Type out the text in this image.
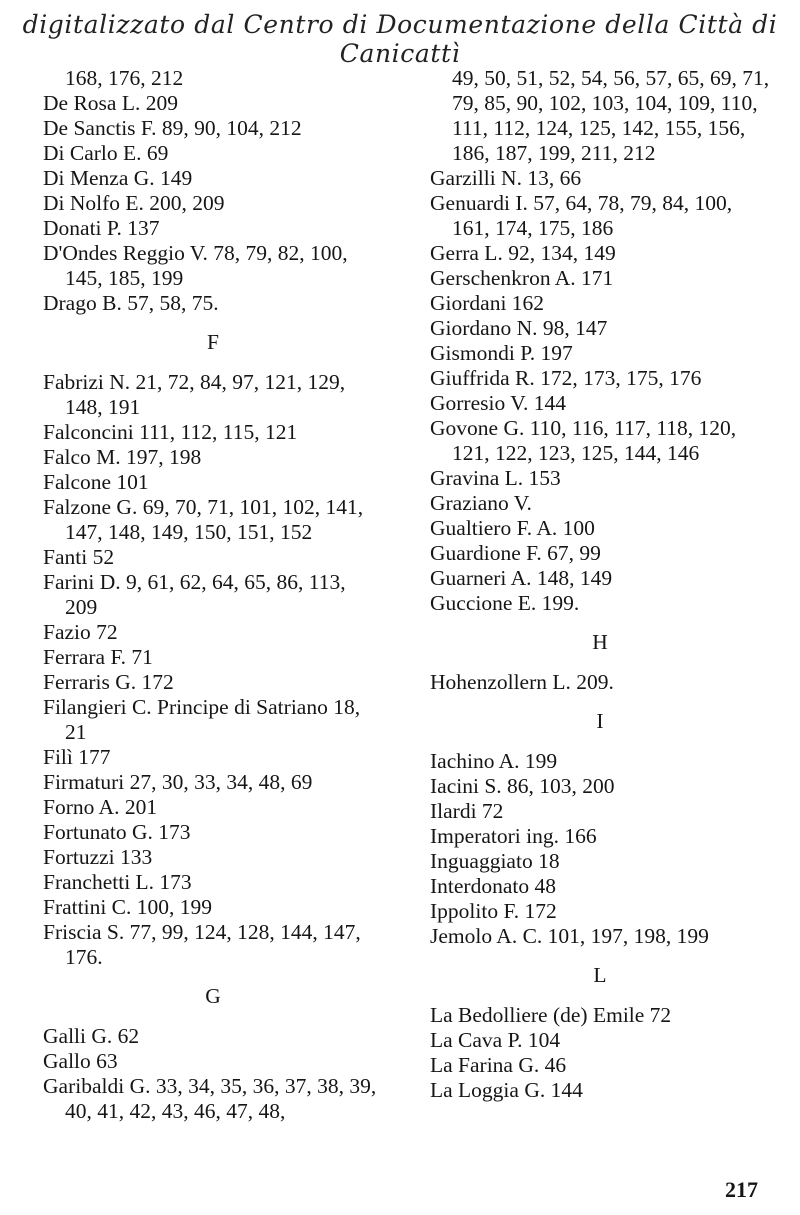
digitalizzato dal Centro di Documentazione della Città di Canicattì
168, 176, 212
De Rosa L. 209
De Sanctis F. 89, 90, 104, 212
Di Carlo E. 69
Di Menza G. 149
Di Nolfo E. 200, 209
Donati P. 137
D'Ondes Reggio V. 78, 79, 82, 100, 145, 185, 199
Drago B. 57, 58, 75.
F
Fabrizi N. 21, 72, 84, 97, 121, 129, 148, 191
Falconcini 111, 112, 115, 121
Falco M. 197, 198
Falcone 101
Falzone G. 69, 70, 71, 101, 102, 141, 147, 148, 149, 150, 151, 152
Fanti 52
Farini D. 9, 61, 62, 64, 65, 86, 113, 209
Fazio 72
Ferrara F. 71
Ferraris G. 172
Filangieri C. Principe di Satriano 18, 21
Filì 177
Firmaturi 27, 30, 33, 34, 48, 69
Forno A. 201
Fortunato G. 173
Fortuzzi 133
Franchetti L. 173
Frattini C. 100, 199
Friscia S. 77, 99, 124, 128, 144, 147, 176.
G
Galli G. 62
Gallo 63
Garibaldi G. 33, 34, 35, 36, 37, 38, 39, 40, 41, 42, 43, 46, 47, 48,
49, 50, 51, 52, 54, 56, 57, 65, 69, 71, 79, 85, 90, 102, 103, 104, 109, 110, 111, 112, 124, 125, 142, 155, 156, 186, 187, 199, 211, 212
Garzilli N. 13, 66
Genuardi I. 57, 64, 78, 79, 84, 100, 161, 174, 175, 186
Gerra L. 92, 134, 149
Gerschenkron A. 171
Giordani 162
Giordano N. 98, 147
Gismondi P. 197
Giuffrida R. 172, 173, 175, 176
Gorresio V. 144
Govone G. 110, 116, 117, 118, 120, 121, 122, 123, 125, 144, 146
Gravina L. 153
Graziano V.
Gualtiero F. A. 100
Guardione F. 67, 99
Guarneri A. 148, 149
Guccione E. 199.
H
Hohenzollern L. 209.
I
Iachino A. 199
Iacini S. 86, 103, 200
Ilardi 72
Imperatori ing. 166
Inguaggiato 18
Interdonato 48
Ippolito F. 172
Jemolo A. C. 101, 197, 198, 199
L
La Bedolliere (de) Emile 72
La Cava P. 104
La Farina G. 46
La Loggia G. 144
217
